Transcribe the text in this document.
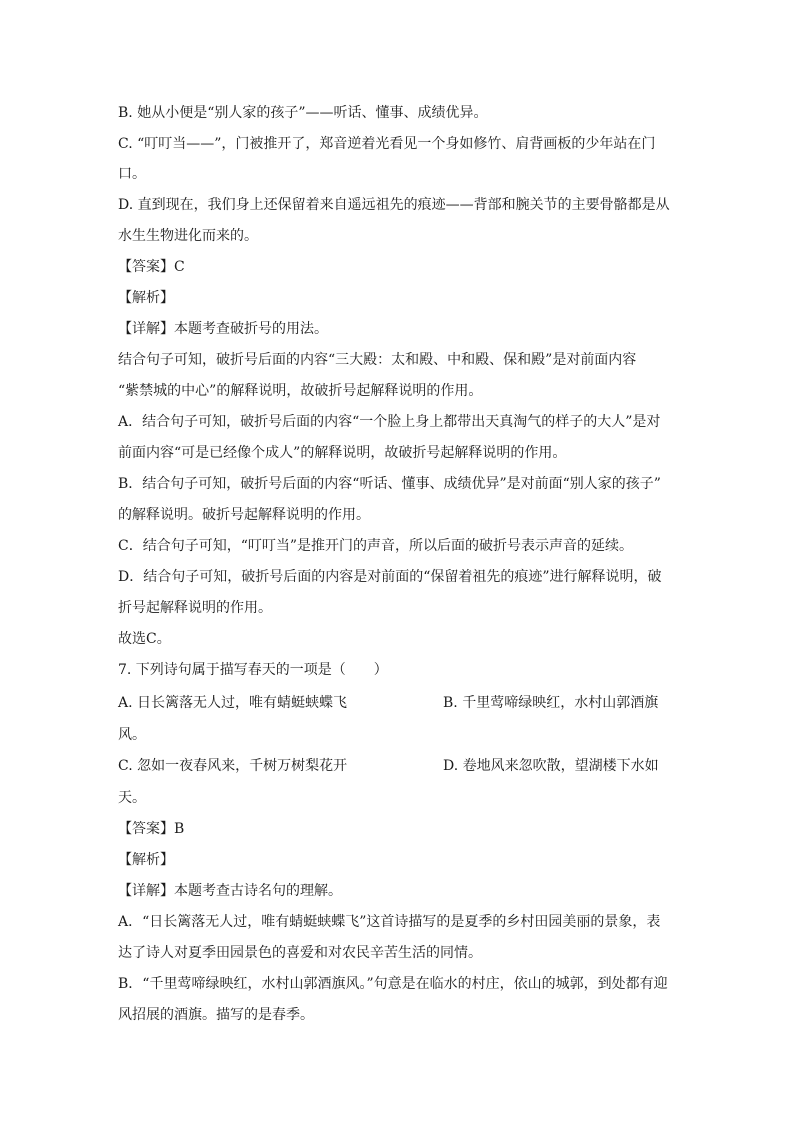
B. 她从小便是“别人家的孩子”——听话、懂事、成绩优异。
C. “叮叮当——”，门被推开了，郑音逆着光看见一个身如修竹、肩背画板的少年站在门
口。
D. 直到现在，我们身上还保留着来自遥远祖先的痕迹——背部和腕关节的主要骨骼都是从
水生生物进化而来的。
【答案】C
【解析】
【详解】本题考查破折号的用法。
结合句子可知，破折号后面的内容“三大殿：太和殿、中和殿、保和殿”是对前面内容
“紫禁城的中心”的解释说明，故破折号起解释说明的作用。
A．结合句子可知，破折号后面的内容“一个脸上身上都带出天真淘气的样子的大人”是对
前面内容“可是已经像个成人”的解释说明，故破折号起解释说明的作用。
B．结合句子可知，破折号后面的内容“听话、懂事、成绩优异”是对前面“别人家的孩子”
的解释说明。破折号起解释说明的作用。
C．结合句子可知，“叮叮当”是推开门的声音，所以后面的破折号表示声音的延续。
D．结合句子可知，破折号后面的内容是对前面的“保留着祖先的痕迹”进行解释说明，破
折号起解释说明的作用。
故选C。
7. 下列诗句属于描写春天的一项是（　　）
A. 日长篱落无人过，唯有蜻蜓蛱蝶飞	B. 千里莺啼绿映红，水村山郭酒旗
风。
C. 忽如一夜春风来，千树万树梨花开	D. 卷地风来忽吹散，望湖楼下水如
天。
【答案】B
【解析】
【详解】本题考查古诗名句的理解。
A．“日长篱落无人过，唯有蜻蜓蛱蝶飞”这首诗描写的是夏季的乡村田园美丽的景象，表
达了诗人对夏季田园景色的喜爱和对农民辛苦生活的同情。
B．“千里莺啼绿映红，水村山郭酒旗风。”句意是在临水的村庄，依山的城郭，到处都有迎
风招展的酒旗。描写的是春季。
